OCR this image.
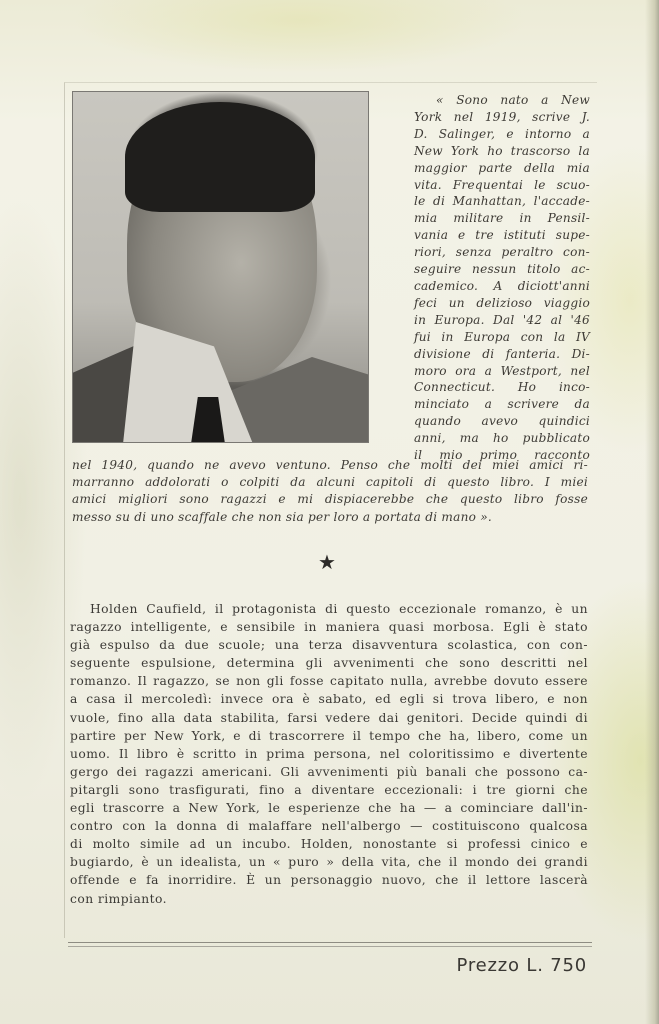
« Sono nato a New
York nel 1919, scrive J.
D. Salinger, e intorno a
New York ho trascorso la
maggior parte della mia
vita. Frequentai le scuo-
le di Manhattan, l'accade-
mia militare in Pensil-
vania e tre istituti supe-
riori, senza peraltro con-
seguire nessun titolo ac-
cademico. A diciott'anni
feci un delizioso viaggio
in Europa. Dal '42 al '46
fui in Europa con la IV
divisione di fanteria. Di-
moro ora a Westport, nel
Connecticut. Ho inco-
minciato a scrivere da
quando avevo quindici
anni, ma ho pubblicato
il mio primo racconto
nel 1940, quando ne avevo ventuno. Penso che molti dei miei amici ri-
marranno addolorati o colpiti da alcuni capitoli di questo libro. I miei
amici migliori sono ragazzi e mi dispiacerebbe che questo libro fosse
messo su di uno scaffale che non sia per loro a portata di mano ».
★
Holden Caufield, il protagonista di questo eccezionale romanzo, è un
ragazzo intelligente, e sensibile in maniera quasi morbosa. Egli è stato
già espulso da due scuole; una terza disavventura scolastica, con con-
seguente espulsione, determina gli avvenimenti che sono descritti nel
romanzo. Il ragazzo, se non gli fosse capitato nulla, avrebbe dovuto essere
a casa il mercoledì: invece ora è sabato, ed egli si trova libero, e non
vuole, fino alla data stabilita, farsi vedere dai genitori. Decide quindi di
partire per New York, e di trascorrere il tempo che ha, libero, come un
uomo. Il libro è scritto in prima persona, nel coloritissimo e divertente
gergo dei ragazzi americani. Gli avvenimenti più banali che possono ca-
pitargli sono trasfigurati, fino a diventare eccezionali: i tre giorni che
egli trascorre a New York, le esperienze che ha — a cominciare dall'in-
contro con la donna di malaffare nell'albergo — costituiscono qualcosa
di molto simile ad un incubo. Holden, nonostante si professi cinico e
bugiardo, è un idealista, un « puro » della vita, che il mondo dei grandi
offende e fa inorridire. È un personaggio nuovo, che il lettore lascerà
con rimpianto.
Prezzo L. 750
